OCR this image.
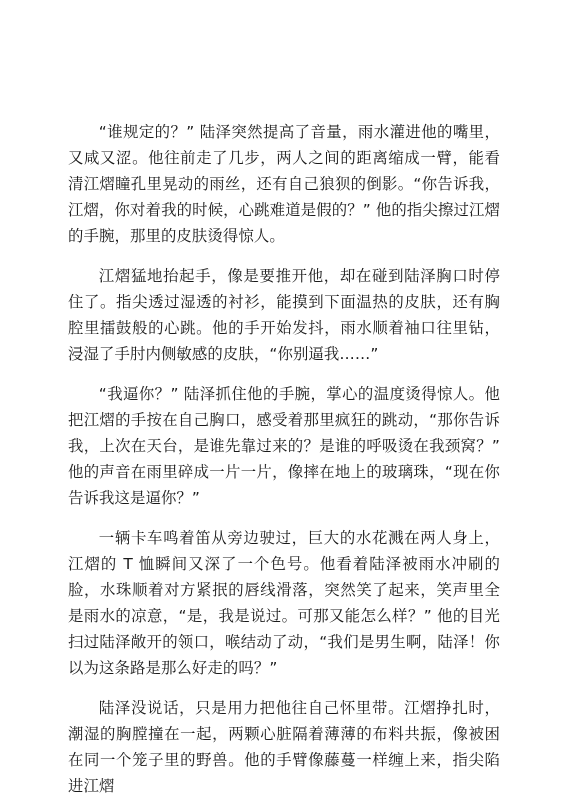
“谁规定的？” 陆泽突然提高了音量，雨水灌进他的嘴里，又咸又涩。他往前走了几步，两人之间的距离缩成一臂，能看清江熠瞳孔里晃动的雨丝，还有自己狼狈的倒影。“你告诉我，江熠，你对着我的时候，心跳难道是假的？” 他的指尖擦过江熠的手腕，那里的皮肤烫得惊人。

江熠猛地抬起手，像是要推开他，却在碰到陆泽胸口时停住了。指尖透过湿透的衬衫，能摸到下面温热的皮肤，还有胸腔里擂鼓般的心跳。他的手开始发抖，雨水顺着袖口往里钻，浸湿了手肘内侧敏感的皮肤，“你别逼我……”

“我逼你？” 陆泽抓住他的手腕，掌心的温度烫得惊人。他把江熠的手按在自己胸口，感受着那里疯狂的跳动，“那你告诉我，上次在天台，是谁先靠过来的？是谁的呼吸烫在我颈窝？” 他的声音在雨里碎成一片一片，像摔在地上的玻璃珠，“现在你告诉我这是逼你？”

一辆卡车鸣着笛从旁边驶过，巨大的水花溅在两人身上，江熠的 T 恤瞬间又深了一个色号。他看着陆泽被雨水冲刷的脸，水珠顺着对方紧抿的唇线滑落，突然笑了起来，笑声里全是雨水的凉意，“是，我是说过。可那又能怎么样？” 他的目光扫过陆泽敞开的领口，喉结动了动，“我们是男生啊，陆泽！你以为这条路是那么好走的吗？”

陆泽没说话，只是用力把他往自己怀里带。江熠挣扎时，潮湿的胸膛撞在一起，两颗心脏隔着薄薄的布料共振，像被困在同一个笼子里的野兽。他的手臂像藤蔓一样缠上来，指尖陷进江熠
